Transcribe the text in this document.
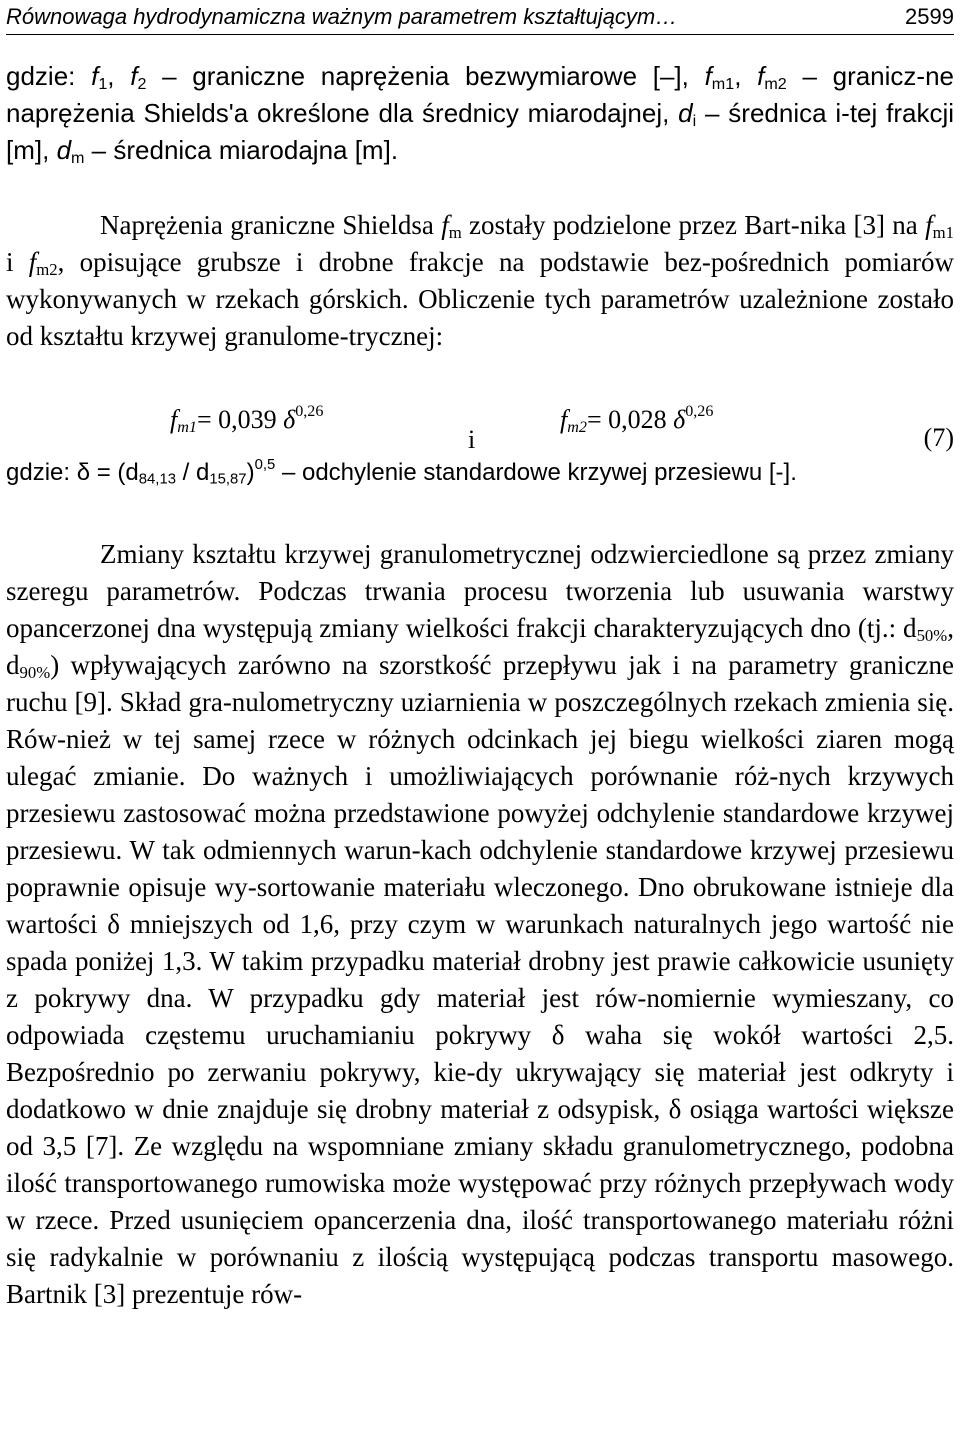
Równowaga hydrodynamiczna ważnym parametrem kształtującym…	2599
gdzie: $f_1$, $f_2$ – graniczne naprężenia bezwymiarowe [–], $f_{m1}$, $f_{m2}$ – granicz-ne naprężenia Shields'a określone dla średnicy miarodajnej, $d_i$ – średnica i-tej frakcji [m], $d_m$ – średnica miarodajna [m].
Naprężenia graniczne Shieldsa $f_m$ zostały podzielone przez Bart-nika [3] na $f_{m1}$ i $f_{m2}$, opisujące grubsze i drobne frakcje na podstawie bez-pośrednich pomiarów wykonywanych w rzekach górskich. Obliczenie tych parametrów uzależnione zostało od kształtu krzywej granulome-trycznej:
$f_{m1}= 0,039$ $\delta^{0,26}$
i
$f_{m2}= 0,028$ $\delta^{0,26}$
(7)
gdzie: $\delta = (d_{84,13} / d_{15,87})^{0,5}$ – odchylenie standardowe krzywej przesiewu [-].
Zmiany kształtu krzywej granulometrycznej odzwierciedlone są przez zmiany szeregu parametrów. Podczas trwania procesu tworzenia lub usuwania warstwy opancerzonej dna występują zmiany wielkości frakcji charakteryzujących dno (tj.: $d_{50\%}$, $d_{90\%}$) wpływających zarówno na szorstkość przepływu jak i na parametry graniczne ruchu [9]. Skład gra-nulometryczny uziarnienia w poszczególnych rzekach zmienia się. Rów-nież w tej samej rzece w różnych odcinkach jej biegu wielkości ziaren mogą ulegać zmianie. Do ważnych i umożliwiających porównanie róż-nych krzywych przesiewu zastosować można przedstawione powyżej odchylenie standardowe krzywej przesiewu. W tak odmiennych warun-kach odchylenie standardowe krzywej przesiewu poprawnie opisuje wy-sortowanie materiału wleczonego. Dno obrukowane istnieje dla wartości δ mniejszych od 1,6, przy czym w warunkach naturalnych jego wartość nie spada poniżej 1,3. W takim przypadku materiał drobny jest prawie całkowicie usunięty z pokrywy dna. W przypadku gdy materiał jest rów-nomiernie wymieszany, co odpowiada częstemu uruchamianiu pokrywy δ waha się wokół wartości 2,5. Bezpośrednio po zerwaniu pokrywy, kie-dy ukrywający się materiał jest odkryty i dodatkowo w dnie znajduje się drobny materiał z odsypisk, δ osiąga wartości większe od 3,5 [7]. Ze względu na wspomniane zmiany składu granulometrycznego, podobna ilość transportowanego rumowiska może występować przy różnych przepływach wody w rzece. Przed usunięciem opancerzenia dna, ilość transportowanego materiału różni się radykalnie w porównaniu z ilością występującą podczas transportu masowego. Bartnik [3] prezentuje rów-
